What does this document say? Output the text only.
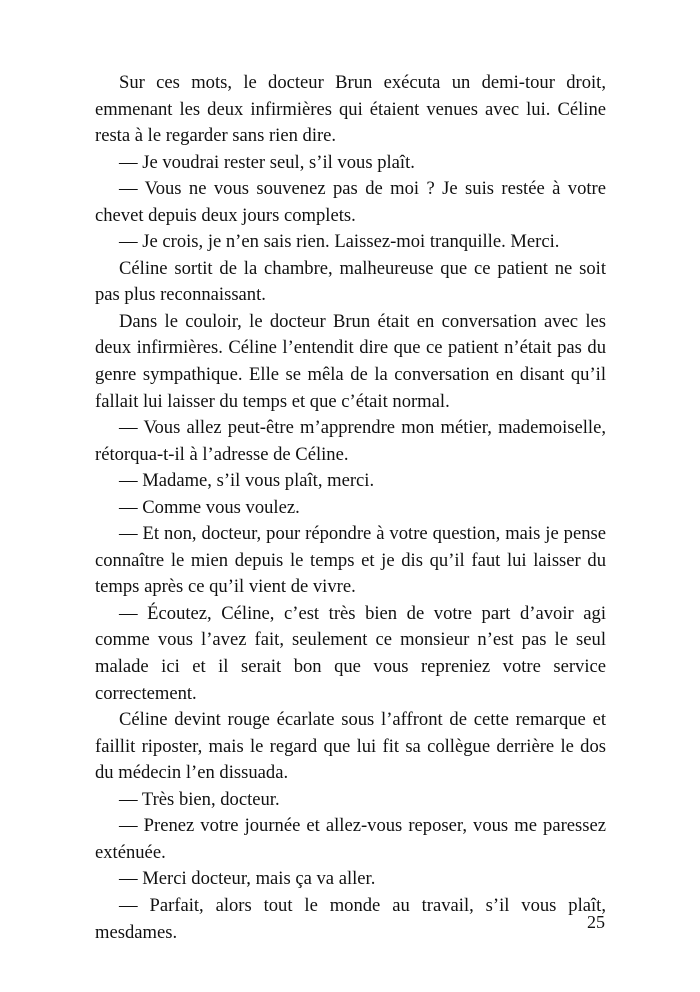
Sur ces mots, le docteur Brun exécuta un demi-tour droit, emmenant les deux infirmières qui étaient venues avec lui. Céline resta à le regarder sans rien dire.

— Je voudrai rester seul, s’il vous plaît.

— Vous ne vous souvenez pas de moi ? Je suis restée à votre chevet depuis deux jours complets.

— Je crois, je n’en sais rien. Laissez-moi tranquille. Merci.

Céline sortit de la chambre, malheureuse que ce patient ne soit pas plus reconnaissant.

Dans le couloir, le docteur Brun était en conversation avec les deux infirmières. Céline l’entendit dire que ce patient n’était pas du genre sympathique. Elle se mêla de la conversation en disant qu’il fallait lui laisser du temps et que c’était normal.

— Vous allez peut-être m’apprendre mon métier, mademoiselle, rétorqua-t-il à l’adresse de Céline.

— Madame, s’il vous plaît, merci.

— Comme vous voulez.

— Et non, docteur, pour répondre à votre question, mais je pense connaître le mien depuis le temps et je dis qu’il faut lui laisser du temps après ce qu’il vient de vivre.

— Écoutez, Céline, c’est très bien de votre part d’avoir agi comme vous l’avez fait, seulement ce monsieur n’est pas le seul malade ici et il serait bon que vous repreniez votre service correctement.

Céline devint rouge écarlate sous l’affront de cette remarque et faillit riposter, mais le regard que lui fit sa collègue derrière le dos du médecin l’en dissuada.

— Très bien, docteur.

— Prenez votre journée et allez-vous reposer, vous me paressez exténuée.

— Merci docteur, mais ça va aller.

— Parfait, alors tout le monde au travail, s’il vous plaît, mesdames.	25
